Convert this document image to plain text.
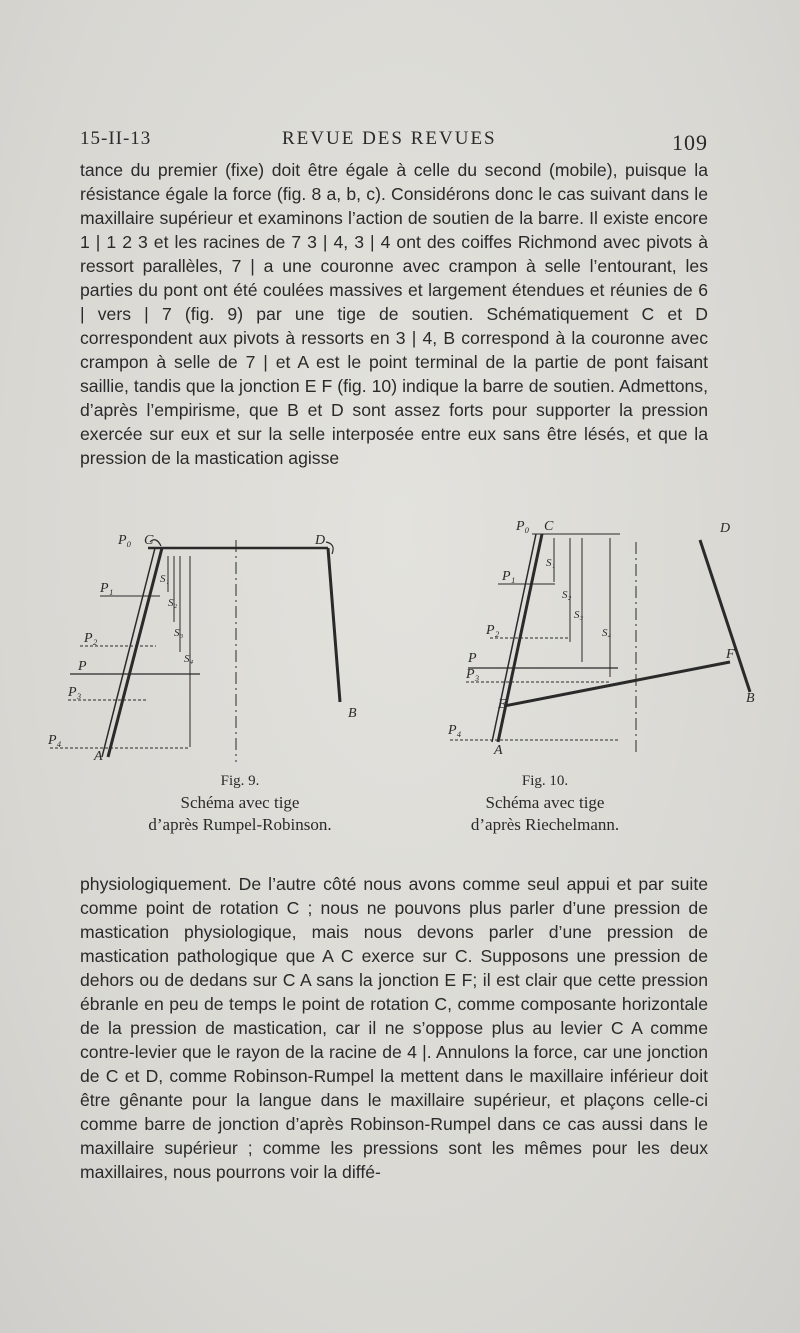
15-II-13	REVUE DES REVUES	109

tance du premier (fixe) doit être égale à celle du second (mobile), puisque la résistance égale la force (fig. 8 a, b, c). Considérons donc le cas suivant dans le maxillaire supérieur et examinons l’action de soutien de la barre. Il existe encore 1 | 1 2 3 et les racines de 7 3 | 4, 3 | 4 ont des coiffes Richmond avec pivots à ressort parallèles, 7 | a une couronne avec crampon à selle l’entourant, les parties du pont ont été coulées massives et largement étendues et réunies de 6 | vers | 7 (fig. 9) par une tige de soutien. Schématiquement C et D correspondent aux pivots à ressorts en 3 | 4, B correspond à la couronne avec crampon à selle de 7 | et A est le point terminal de la partie de pont faisant saillie, tandis que la jonction E F (fig. 10) indique la barre de soutien. Admettons, d’après l’empirisme, que B et D sont assez forts pour supporter la pression exercée sur eux et sur la selle interposée entre eux sans être lésés, et que la pression de la mastication agisse

P₀ C	D
P₁
P₂
P
P₃
P₄
A
B
S₁
S₂
S₃
S₄
Fig. 9.
Schéma avec tige
d’après Rumpel-Robinson.
P₀ C	D
P₁
P₂
P
P₃
E
F
P₄
A
B
S₁
S₂
S₃
S₄
Fig. 10.
Schéma avec tige
d’après Riechelmann.

physiologiquement. De l’autre côté nous avons comme seul appui et par suite comme point de rotation C ; nous ne pouvons plus parler d’une pression de mastication physiologique, mais nous devons parler d’une pression de mastication pathologique que A C exerce sur C. Supposons une pression de dehors ou de dedans sur C A sans la jonction E F; il est clair que cette pression ébranle en peu de temps le point de rotation C, comme composante horizontale de la pression de mastication, car il ne s’oppose plus au levier C A comme contre-levier que le rayon de la racine de 4 |. Annulons la force, car une jonction de C et D, comme Robinson-Rumpel la mettent dans le maxillaire inférieur doit être gênante pour la langue dans le maxillaire supérieur, et plaçons celle-ci comme barre de jonction d’après Robinson-Rumpel dans ce cas aussi dans le maxillaire supérieur ; comme les pressions sont les mêmes pour les deux maxillaires, nous pourrons voir la diffé-
